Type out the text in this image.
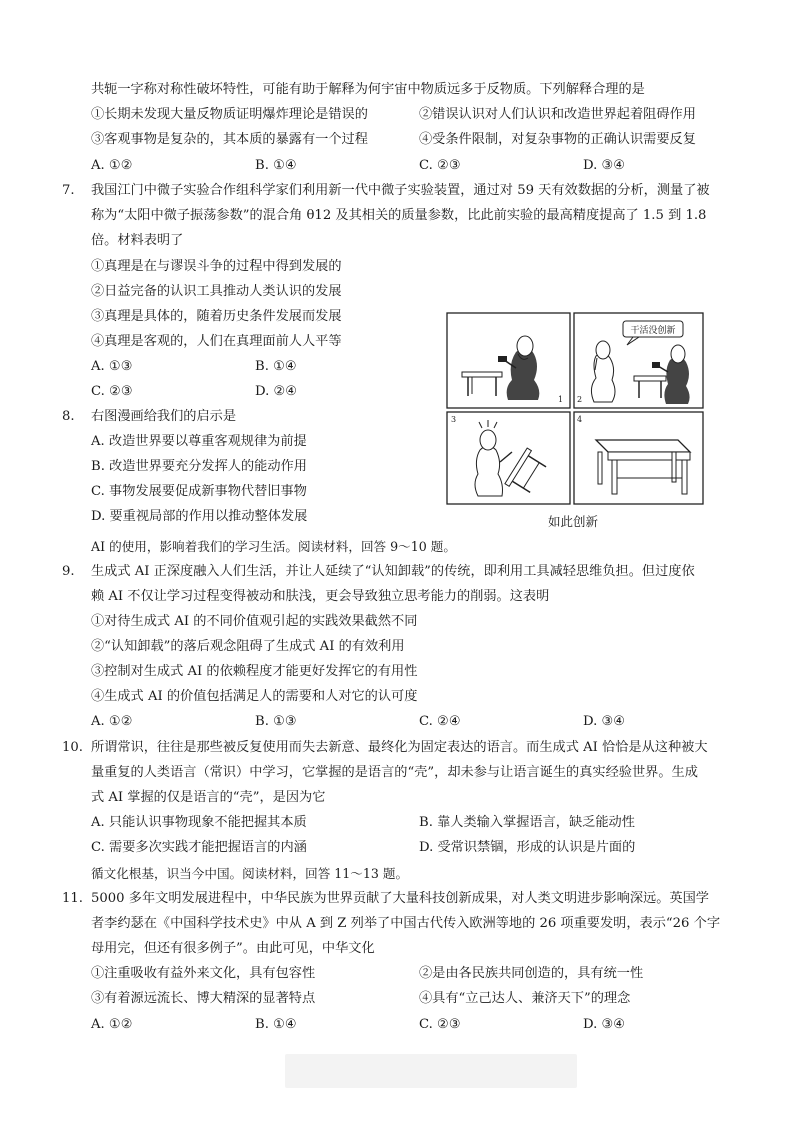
共轭一字称对称性破坏特性，可能有助于解释为何宇宙中物质远多于反物质。下列解释合理的是
①长期未发现大量反物质证明爆炸理论是错误的	②错误认识对人们认识和改造世界起着阻碍作用
③客观事物是复杂的，其本质的暴露有一个过程	④受条件限制，对复杂事物的正确认识需要反复
A. ①②	B. ①④	C. ②③	D. ③④
7. 我国江门中微子实验合作组科学家们利用新一代中微子实验装置，通过对 59 天有效数据的分析，测量了被
称为“太阳中微子振荡参数”的混合角 θ12 及其相关的质量参数，比此前实验的最高精度提高了 1.5 到 1.8
倍。材料表明了
①真理是在与谬误斗争的过程中得到发展的
②日益完备的认识工具推动人类认识的发展
③真理是具体的，随着历史条件发展而发展
④真理是客观的，人们在真理面前人人平等
A. ①③	B. ①④
C. ②③	D. ②④
8. 右图漫画给我们的启示是
A. 改造世界要以尊重客观规律为前提
B. 改造世界要充分发挥人的能动作用
C. 事物发展要促成新事物代替旧事物
D. 要重视局部的作用以推动整体发展
1
干活没创新
2
3	4
如此创新
AI 的使用，影响着我们的学习生活。阅读材料，回答 9～10 题。
9. 生成式 AI 正深度融入人们生活，并让人延续了“认知卸载”的传统，即利用工具减轻思维负担。但过度依
赖 AI 不仅让学习过程变得被动和肤浅，更会导致独立思考能力的削弱。这表明
①对待生成式 AI 的不同价值观引起的实践效果截然不同
②“认知卸载”的落后观念阻碍了生成式 AI 的有效利用
③控制对生成式 AI 的依赖程度才能更好发挥它的有用性
④生成式 AI 的价值包括满足人的需要和人对它的认可度
A. ①②	B. ①③	C. ②④	D. ③④
10. 所谓常识，往往是那些被反复使用而失去新意、最终化为固定表达的语言。而生成式 AI 恰恰是从这种被大
量重复的人类语言（常识）中学习，它掌握的是语言的“壳”，却未参与让语言诞生的真实经验世界。生成
式 AI 掌握的仅是语言的“壳”，是因为它
A. 只能认识事物现象不能把握其本质	B. 靠人类输入掌握语言，缺乏能动性
C. 需要多次实践才能把握语言的内涵	D. 受常识禁锢，形成的认识是片面的
循文化根基，识当今中国。阅读材料，回答 11～13 题。
11. 5000 多年文明发展进程中，中华民族为世界贡献了大量科技创新成果，对人类文明进步影响深远。英国学
者李约瑟在《中国科学技术史》中从 A 到 Z 列举了中国古代传入欧洲等地的 26 项重要发明，表示“26 个字
母用完，但还有很多例子”。由此可见，中华文化
①注重吸收有益外来文化，具有包容性	②是由各民族共同创造的，具有统一性
③有着源远流长、博大精深的显著特点	④具有“立己达人、兼济天下”的理念
A. ①②	B. ①④	C. ②③	D. ③④
